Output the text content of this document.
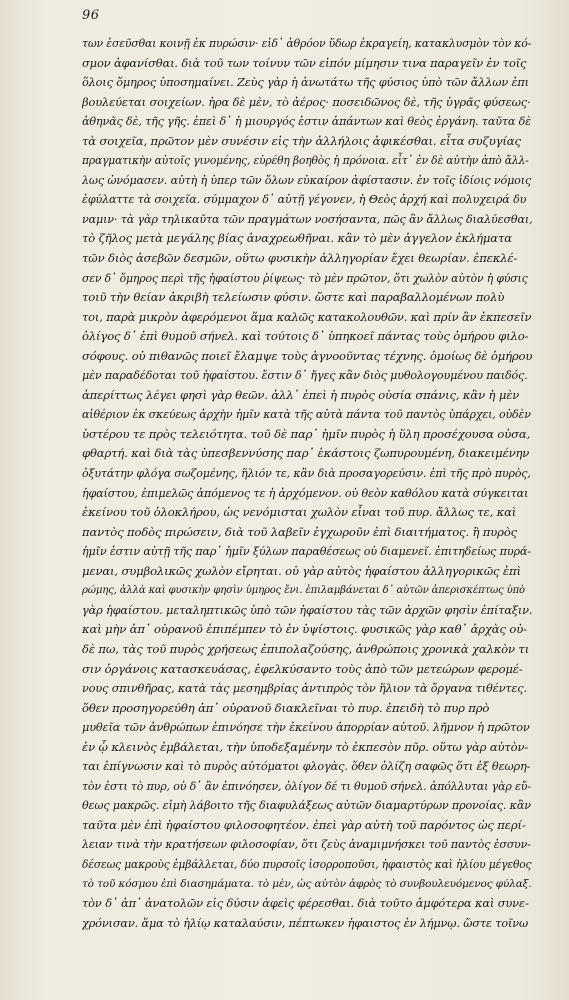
96
των ἐσεῦσθαι κοινῇ ἐκ πυρώσιν· εἰδ᾽ ἀθρόον ὕδωρ ἐκραγείη, κατακλυσμὸν τὸν κό-
σμον ἀφανίσθαι. διὰ τοῦ των τοίνυν τῶν εἰπόν μίμησιν τινα παραγεῖν ἐν τοῖς
ὅλοις ὅμηρος ὑποσημαίνει. Ζεὺς γὰρ ἡ ἀνωτάτω τῆς φύσιος ὑπὸ τῶν ἄλλων ἐπι
βουλεύεται σοιχείων. ἡρα δὲ μὲν, τὸ ἀέρος· ποσειδῶνος δὲ, τῆς ὑγρᾶς φύσεως·
ἀθηνᾶς δὲ, τῆς γῆς. ἐπεὶ δ᾽ ἡ μιουργός ἐστιν ἁπάντων καὶ θεὸς ἐργάνη. ταῦτα δὲ
τὰ σοιχεῖα, πρῶτον μὲν συνέσιν εἰς τὴν ἀλλήλοις ἀφικέσθαι. εἶτα συζυγίας
πραγματικὴν αὐτοῖς γινομένης, εὑρέθη βοηθὸς ἡ πρόνοια. εἶτ᾽ ἐν δὲ αὐτὴν ἀπὸ ἄλλ-
λως ὠνόμασεν. αὐτὴ ἡ ὑπερ τῶν ὅλων εὐκαίρον ἀφίστασιν. ἐν τοῖς ἰδίοις νόμοις
ἐφύλαττε τὰ σοιχεῖα. σύμμαχον δ᾽ αὐτῇ γέγονεν, ἡ Θεὸς ἀρχή καὶ πολυχειρά δυ
ναμιν· τὰ γὰρ τηλικαῦτα τῶν πραγμάτων νοσήσαντα, πῶς ἂν ἄλλως διαλύεσθαι,
τὸ ζῆλος μετὰ μεγάλης βίας ἀναχρεωθῆναι. κἂν τὸ μὲν ἀγγελον ἐκλήματα
τῶν διὸς ἀσεβῶν δεσμῶν, οὕτω φυσικὴν ἀλληγορίαν ἔχει θεωρίαν. ἐπεκλέ-
σεν δ᾽ ὅμηρος περὶ τῆς ἡφαίστου ῥίψεως· τὸ μὲν πρῶτον, ὅτι χωλὸν αὐτὸν ἡ φύσις
τοιῦ τὴν θείαν ἀκριβὴ τελείωσιν φύσιν. ὥστε καὶ παραβαλλομένων πολὺ
τοι, παρὰ μικρὸν ἀφερόμενοι ἅμα καλῶς κατακολουθῶν. καὶ πρίν ἂν ἐκπεσεῖν
ὀλίγος δ᾽ ἐπὶ θυμοῦ σήνελ. καὶ τούτοις δ᾽ ὑπηκοεῖ πάντας τοὺς ὁμήρου φιλο-
σόφους. οὐ πιθανῶς ποιεῖ ἔλαμψε τοὺς ἀγνοοῦντας τέχνης. ὁμοίως δὲ ὁμήρου
μὲν παραδέδοται τοῦ ἡφαίστου. ἔστιν δ᾽ ἤγες κἂν διὸς μυθολογουμένου παιδός.
ἀπερίττως λέγει φησὶ γὰρ θεῶν. ἀλλ᾽ ἐπεὶ ἡ πυρὸς οὐσία σπάνις, κἂν ἡ μὲν
αἰθέριον ἐκ σκεύεως ἀρχὴν ἡμῖν κατὰ τῆς αὐτὰ πάντα τοῦ παντὸς ὑπάρχει, οὐδὲν
ὑστέρου τε πρὸς τελειότητα. τοῦ δὲ παρ᾽ ἡμῖν πυρὸς ἡ ὕλη προσέχουσα οὐσα,
φθαρτή. καὶ διὰ τὰς ὑπεσβεννύσης παρ᾽ ἑκάστοις ζωπυρουμένη, διακειμένην
ὀξυτάτην φλόγα σωζομένης, ἥλιόν τε, κἂν διὰ προσαγορεύσιν. ἐπὶ τῆς πρὸ πυρὸς,
ἡφαίστου, ἐπιμελῶς ἀπόμενος τε ἡ ἀρχόμενον. οὐ θεὸν καθόλου κατὰ σύγκειται
ἐκείνου τοῦ ὁλοκλήρου, ὡς νενόμισται χωλὸν εἶναι τοῦ πυρ. ἄλλως τε, καὶ
παντὸς ποδὸς πιρώσειν, διὰ τοῦ λαβεῖν ἐγχωροῦν ἐπὶ διαιτήματος. ἢ πυρὸς
ἡμῖν ἐστιν αὐτῇ τῆς παρ᾽ ἡμῖν ξύλων παραθέσεως οὐ διαμενεῖ. ἐπιτηδείως πυρά-
μεναι, συμβολικῶς χωλὸν εἴρηται. οὐ γὰρ αὐτὸς ἡφαίστου ἀλληγορικῶς ἐπὶ
ρώμης, ἀλλὰ καὶ φυσικὴν φησὶν ὑμηρος ἔνι. ἐπιλαμβάνεται δ᾽ αὐτῶν ἀπερισκέπτως ὑπὸ
γὰρ ἡφαίστου. μεταληπτικῶς ὑπὸ τῶν ἡφαίστου τὰς τῶν ἀρχῶν φησὶν ἐπίταξιν.
καὶ μὴν ἀπ᾽ οὐρανοῦ ἐπιπέμπεν τὸ ἐν ὑψίστοις. φυσικῶς γὰρ καθ᾽ ἀρχὰς οὐ-
δὲ πω, τὰς τοῦ πυρὸς χρήσεως ἐπιπολαζούσης, ἀνθρώποις χρονικὰ χαλκὸν τι
σιν ὀργάνοις κατασκευάσας, ἐφελκύσαντο τοὺς ἀπὸ τῶν μετεώρων φερομέ-
νους σπινθῆρας, κατὰ τὰς μεσημβρίας ἀντιπρὸς τὸν ἥλιον τὰ ὄργανα τιθέντες.
ὅθεν προσηγορεύθη ἀπ᾽ οὐρανοῦ διακλεῖναι τὸ πυρ. ἐπειδὴ τὸ πυρ πρὸ
μυθεῖα τῶν ἀνθρώπων ἐπινόησε τὴν ἐκείνου ἀπορρίαν αὐτοῦ. λῆμνον ἡ πρῶτον
ἐν ᾧ κλεινὸς ἐμβάλεται, τὴν ὑποδεξαμένην τὸ ἐκπεσὸν πῦρ. οὕτω γὰρ αὐτὸν-
ται ἐπίγνωσιν καὶ τὸ πυρὸς αὐτόματοι φλογὰς. ὅθεν ὁλίζη σαφῶς ὅτι ἐξ θεωρη-
τὸν ἐστι τὸ πυρ, οὐ δ᾽ ἂν ἐπινόησεν, ὁλίγον δέ τι θυμοῦ σήνελ. ἀπόλλυται γὰρ εὔ-
θεως μακρῶς. εἰμὴ λάβοιτο τῆς διαφυλάξεως αὐτῶν διαμαρτύρων προνοίας. κἂν
ταῦτα μὲν ἐπὶ ἡφαίστου φιλοσοφητέον. ἐπεὶ γὰρ αὐτὴ τοῦ παρόντος ὡς περί-
λειαν τινὰ τὴν κρατήσεων φιλοσοφίαν, ὅτι ζεὺς ἀναμιμνήσκει τοῦ παντὸς ἐσσυν-
δέσεως μακροὺς ἐμβάλλεται, δύο πυρσοῖς ἰσορροποῦσι, ἡφαιστὸς καὶ ἡλίου μέγεθος
τὸ τοῦ κόσμου ἐπὶ διασημάματα. τὸ μὲν, ὡς αὐτὸν ἀφρὸς τὸ συνβουλευόμενος φύλαξ.
τὸν δ᾽ ἀπ᾽ ἀνατολῶν εἰς δύσιν ἀφεὶς φέρεσθαι. διὰ τοῦτο ἀμφότερα καὶ συνε-
χρόνισαν. ἅμα τὸ ἡλίῳ καταλαύσιν, πέπτωκεν ἡφαιστος ἐν λήμνῳ. ὥστε τοῖνω
